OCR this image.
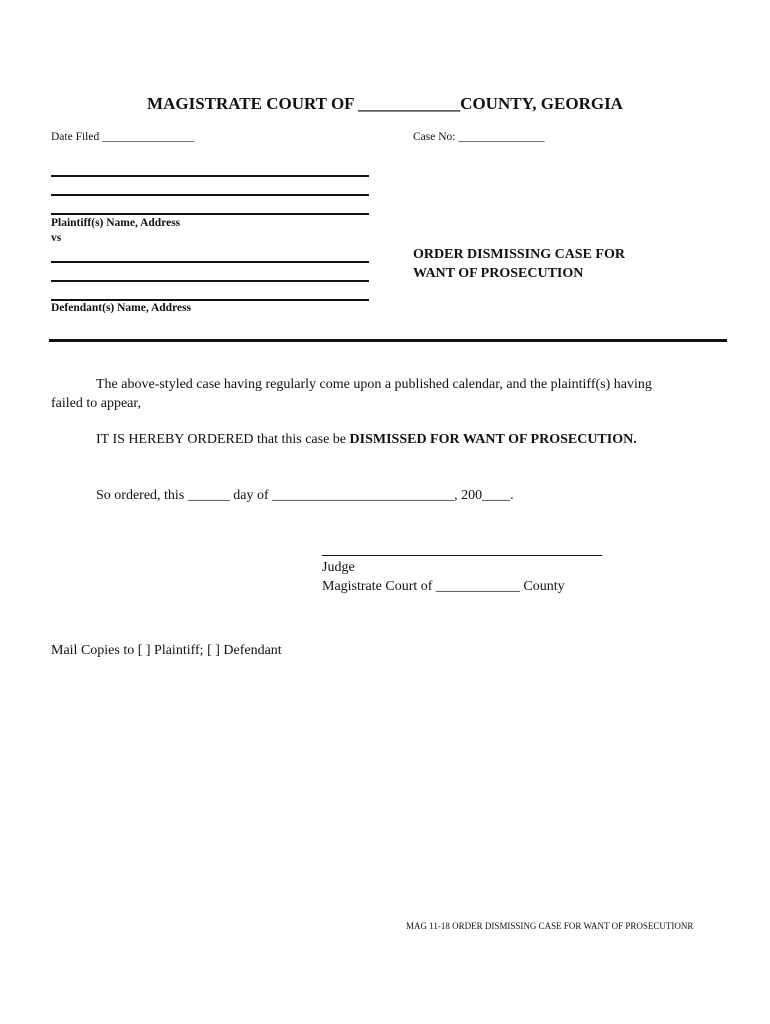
MAGISTRATE COURT OF ____________COUNTY, GEORGIA
Date Filed ________________	Case No: _______________
Plaintiff(s) Name, Address
vs
Defendant(s) Name, Address
ORDER DISMISSING CASE FOR
WANT OF PROSECUTION
The above-styled case having regularly come upon a published calendar, and the plaintiff(s) having
failed to appear,
IT IS HEREBY ORDERED that this case be DISMISSED FOR WANT OF PROSECUTION.
So ordered, this ______ day of __________________________, 200____.
Judge
Magistrate Court of ____________ County
Mail Copies to [ ] Plaintiff; [ ] Defendant
MAG 11-18 ORDER DISMISSING CASE FOR WANT OF PROSECUTIONR
